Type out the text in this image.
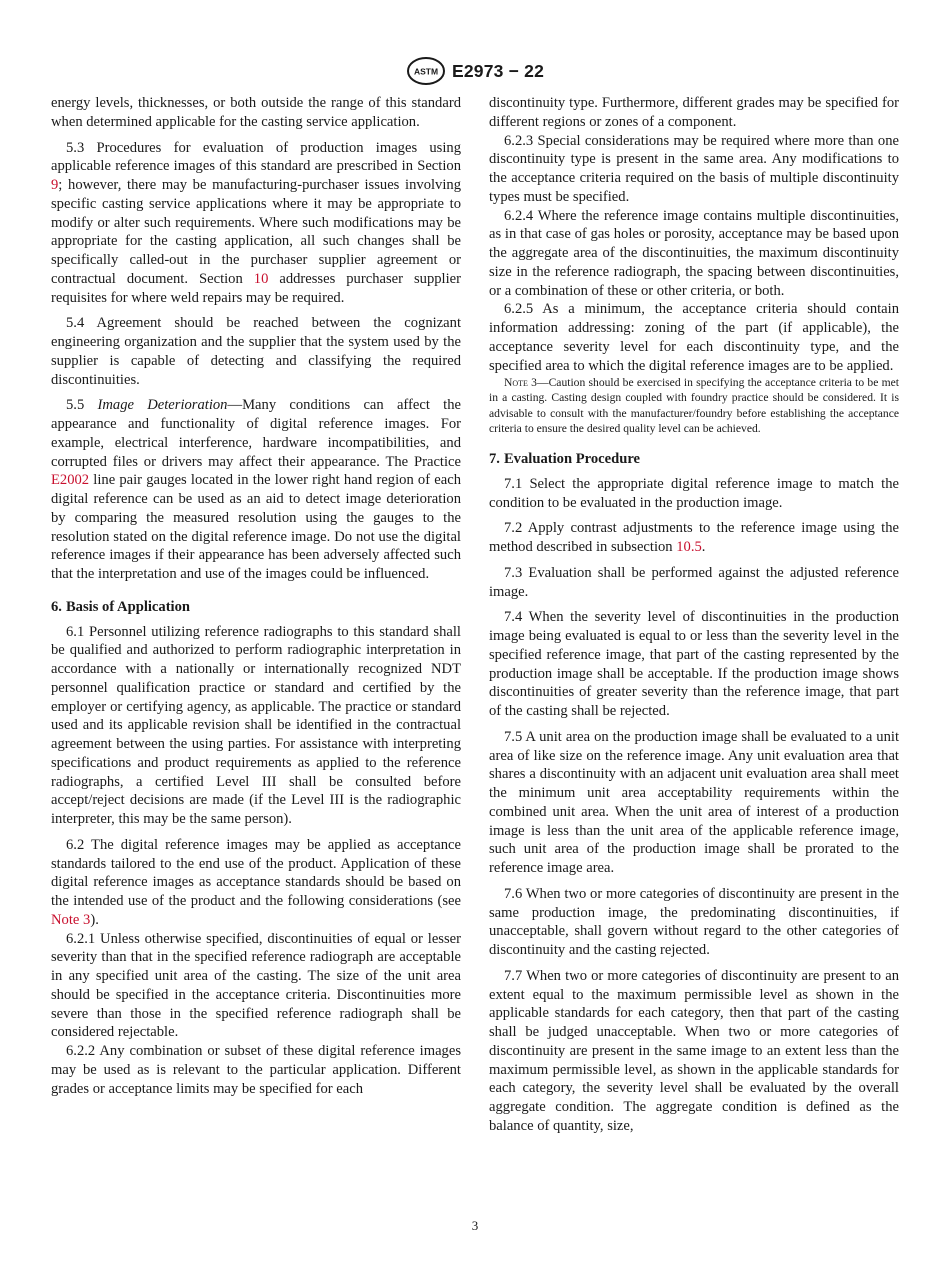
ASTM E2973 − 22

energy levels, thicknesses, or both outside the range of this standard when determined applicable for the casting service application.

5.3 Procedures for evaluation of production images using applicable reference images of this standard are prescribed in Section 9; however, there may be manufacturing-purchaser issues involving specific casting service applications where it may be appropriate to modify or alter such requirements. Where such modifications may be appropriate for the casting application, all such changes shall be specifically called-out in the purchaser supplier agreement or contractual document. Section 10 addresses purchaser supplier requisites for where weld repairs may be required.

5.4 Agreement should be reached between the cognizant engineering organization and the supplier that the system used by the supplier is capable of detecting and classifying the required discontinuities.

5.5 Image Deterioration—Many conditions can affect the appearance and functionality of digital reference images. For example, electrical interference, hardware incompatibilities, and corrupted files or drivers may affect their appearance. The Practice E2002 line pair gauges located in the lower right hand region of each digital reference can be used as an aid to detect image deterioration by comparing the measured resolution using the gauges to the resolution stated on the digital reference image. Do not use the digital reference images if their appearance has been adversely affected such that the interpretation and use of the images could be influenced.

6. Basis of Application

6.1 Personnel utilizing reference radiographs to this standard shall be qualified and authorized to perform radiographic interpretation in accordance with a nationally or internationally recognized NDT personnel qualification practice or standard and certified by the employer or certifying agency, as applicable. The practice or standard used and its applicable revision shall be identified in the contractual agreement between the using parties. For assistance with interpreting specifications and product requirements as applied to the reference radiographs, a certified Level III shall be consulted before accept/reject decisions are made (if the Level III is the radiographic interpreter, this may be the same person).

6.2 The digital reference images may be applied as acceptance standards tailored to the end use of the product. Application of these digital reference images as acceptance standards should be based on the intended use of the product and the following considerations (see Note 3).

6.2.1 Unless otherwise specified, discontinuities of equal or lesser severity than that in the specified reference radiograph are acceptable in any specified unit area of the casting. The size of the unit area should be specified in the acceptance criteria. Discontinuities more severe than those in the specified reference radiograph shall be considered rejectable.

6.2.2 Any combination or subset of these digital reference images may be used as is relevant to the particular application. Different grades or acceptance limits may be specified for each

discontinuity type. Furthermore, different grades may be specified for different regions or zones of a component.

6.2.3 Special considerations may be required where more than one discontinuity type is present in the same area. Any modifications to the acceptance criteria required on the basis of multiple discontinuity types must be specified.

6.2.4 Where the reference image contains multiple discontinuities, as in that case of gas holes or porosity, acceptance may be based upon the aggregate area of the discontinuities, the maximum discontinuity size in the reference radiograph, the spacing between discontinuities, or a combination of these or other criteria, or both.

6.2.5 As a minimum, the acceptance criteria should contain information addressing: zoning of the part (if applicable), the acceptance severity level for each discontinuity type, and the specified area to which the digital reference images are to be applied.

Note 3—Caution should be exercised in specifying the acceptance criteria to be met in a casting. Casting design coupled with foundry practice should be considered. It is advisable to consult with the manufacturer/foundry before establishing the acceptance criteria to ensure the desired quality level can be achieved.

7. Evaluation Procedure

7.1 Select the appropriate digital reference image to match the condition to be evaluated in the production image.

7.2 Apply contrast adjustments to the reference image using the method described in subsection 10.5.

7.3 Evaluation shall be performed against the adjusted reference image.

7.4 When the severity level of discontinuities in the production image being evaluated is equal to or less than the severity level in the specified reference image, that part of the casting represented by the production image shall be acceptable. If the production image shows discontinuities of greater severity than the reference image, that part of the casting shall be rejected.

7.5 A unit area on the production image shall be evaluated to a unit area of like size on the reference image. Any unit evaluation area that shares a discontinuity with an adjacent unit evaluation area shall meet the minimum unit area acceptability requirements within the combined unit area. When the unit area of interest of a production image is less than the unit area of the applicable reference image, such unit area of the production image shall be prorated to the reference image area.

7.6 When two or more categories of discontinuity are present in the same production image, the predominating discontinuities, if unacceptable, shall govern without regard to the other categories of discontinuity and the casting rejected.

7.7 When two or more categories of discontinuity are present to an extent equal to the maximum permissible level as shown in the applicable standards for each category, then that part of the casting shall be judged unacceptable. When two or more categories of discontinuity are present in the same image to an extent less than the maximum permissible level, as shown in the applicable standards for each category, the severity level shall be evaluated by the overall aggregate condition. The aggregate condition is defined as the balance of quantity, size,

3
